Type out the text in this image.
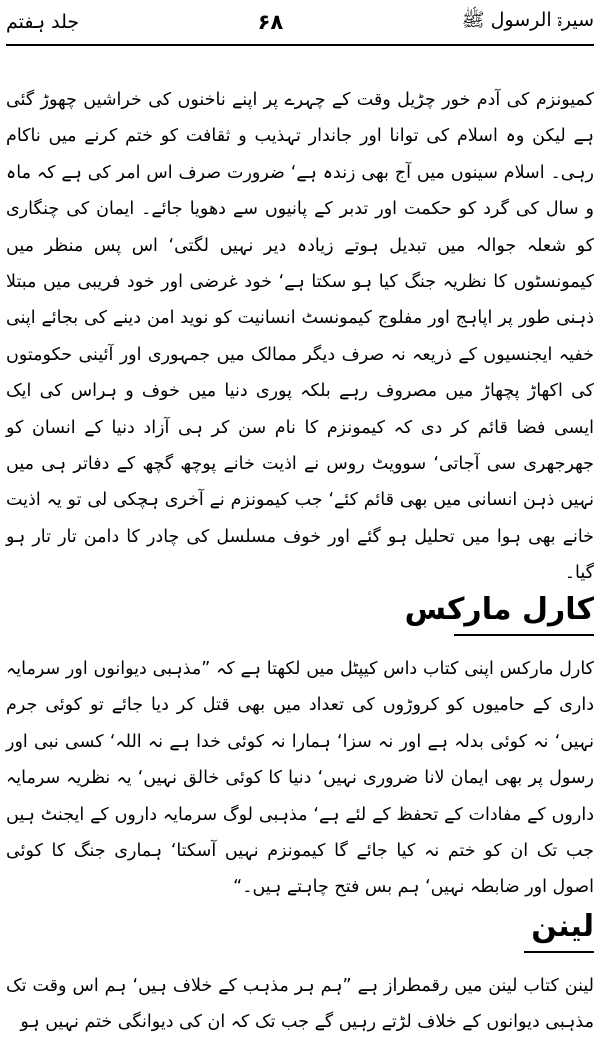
سیرۃ الرسول ﷺ
۶۸
جلد ہفتم

کمیونزم کی آدم خور چڑیل وقت کے چہرے پر اپنے ناخنوں کی خراشیں چھوڑ گئی ہے لیکن وہ اسلام کی توانا اور جاندار تہذیب و ثقافت کو ختم کرنے میں ناکام رہی۔ اسلام سینوں میں آج بھی زندہ ہے‘ ضرورت صرف اس امر کی ہے کہ ماہ و سال کی گرد کو حکمت اور تدبر کے پانیوں سے دھویا جائے۔ ایمان کی چنگاری کو شعلہ جوالہ میں تبدیل ہوتے زیادہ دیر نہیں لگتی‘ اس پس منظر میں کیمونسٹوں کا نظریہ جنگ کیا ہو سکتا ہے‘ خود غرضی اور خود فریبی میں مبتلا ذہنی طور پر اپاہج اور مفلوج کیمونسٹ انسانیت کو نوید امن دینے کی بجائے اپنی خفیہ ایجنسیوں کے ذریعہ نہ صرف دیگر ممالک میں جمہوری اور آئینی حکومتوں کی اکھاڑ پچھاڑ میں مصروف رہے بلکہ پوری دنیا میں خوف و ہراس کی ایک ایسی فضا قائم کر دی کہ کیمونزم کا نام سن کر ہی آزاد دنیا کے انسان کو جھرجھری سی آجاتی‘ سوویٹ روس نے اذیت خانے پوچھ گچھ کے دفاتر ہی میں نہیں ذہن انسانی میں بھی قائم کئے‘ جب کیمونزم نے آخری ہچکی لی تو یہ اذیت خانے بھی ہوا میں تحلیل ہو گئے اور خوف مسلسل کی چادر کا دامن تار تار ہو گیا۔

کارل مارکس

کارل مارکس اپنی کتاب داس کیپٹل میں لکھتا ہے کہ ”مذہبی دیوانوں اور سرمایہ داری کے حامیوں کو کروڑوں کی تعداد میں بھی قتل کر دیا جائے تو کوئی جرم نہیں‘ نہ کوئی بدلہ ہے اور نہ سزا‘ ہمارا نہ کوئی خدا ہے نہ اللہ‘ کسی نبی اور رسول پر بھی ایمان لانا ضروری نہیں‘ دنیا کا کوئی خالق نہیں‘ یہ نظریہ سرمایہ داروں کے مفادات کے تحفظ کے لئے ہے‘ مذہبی لوگ سرمایہ داروں کے ایجنٹ ہیں جب تک ان کو ختم نہ کیا جائے گا کیمونزم نہیں آسکتا‘ ہماری جنگ کا کوئی اصول اور ضابطہ نہیں‘ ہم بس فتح چاہتے ہیں۔“

لینن

لینن کتاب لینن میں رقمطراز ہے ”ہم ہر مذہب کے خلاف ہیں‘ ہم اس وقت تک مذہبی دیوانوں کے خلاف لڑتے رہیں گے جب تک کہ ان کی دیوانگی ختم نہیں ہو
